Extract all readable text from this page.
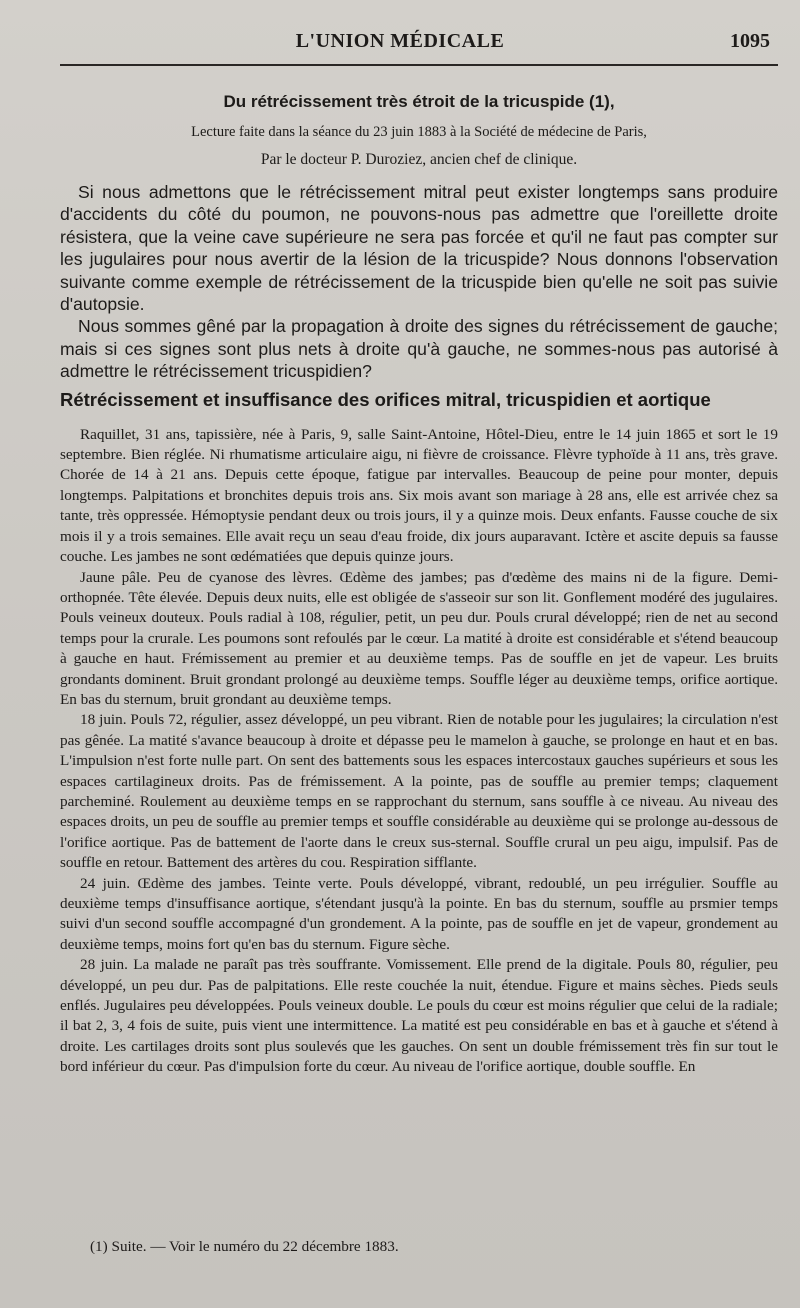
L'UNION MÉDICALE	1095
Du rétrécissement très étroit de la tricuspide (1),
Lecture faite dans la séance du 23 juin 1883 à la Société de médecine de Paris,
Par le docteur P. Duroziez, ancien chef de clinique.

Si nous admettons que le rétrécissement mitral peut exister longtemps sans produire d'accidents du côté du poumon, ne pouvons-nous pas admettre que l'oreillette droite résistera, que la veine cave supérieure ne sera pas forcée et qu'il ne faut pas compter sur les jugulaires pour nous avertir de la lésion de la tricuspide? Nous donnons l'observation suivante comme exemple de rétrécissement de la tricuspide bien qu'elle ne soit pas suivie d'autopsie.

Nous sommes gêné par la propagation à droite des signes du rétrécissement de gauche; mais si ces signes sont plus nets à droite qu'à gauche, ne sommes-nous pas autorisé à admettre le rétrécissement tricuspidien?

Rétrécissement et insuffisance des orifices mitral, tricuspidien et aortique

Raquillet, 31 ans, tapissière, née à Paris, 9, salle Saint-Antoine, Hôtel-Dieu, entre le 14 juin 1865 et sort le 19 septembre. Bien réglée. Ni rhumatisme articulaire aigu, ni fièvre de croissance. Flèvre typhoïde à 11 ans, très grave. Chorée de 14 à 21 ans. Depuis cette époque, fatigue par intervalles. Beaucoup de peine pour monter, depuis longtemps. Palpitations et bronchites depuis trois ans. Six mois avant son mariage à 28 ans, elle est arrivée chez sa tante, très oppressée. Hémoptysie pendant deux ou trois jours, il y a quinze mois. Deux enfants. Fausse couche de six mois il y a trois semaines. Elle avait reçu un seau d'eau froide, dix jours auparavant. Ictère et ascite depuis sa fausse couche. Les jambes ne sont œdématiées que depuis quinze jours.

Jaune pâle. Peu de cyanose des lèvres. Œdème des jambes; pas d'œdème des mains ni de la figure. Demi-orthopnée. Tête élevée. Depuis deux nuits, elle est obligée de s'asseoir sur son lit. Gonflement modéré des jugulaires. Pouls veineux douteux. Pouls radial à 108, régulier, petit, un peu dur. Pouls crural développé; rien de net au second temps pour la crurale. Les poumons sont refoulés par le cœur. La matité à droite est considérable et s'étend beaucoup à gauche en haut. Frémissement au premier et au deuxième temps. Pas de souffle en jet de vapeur. Les bruits grondants dominent. Bruit grondant prolongé au deuxième temps. Souffle léger au deuxième temps, orifice aortique. En bas du sternum, bruit grondant au deuxième temps.

18 juin. Pouls 72, régulier, assez développé, un peu vibrant. Rien de notable pour les jugulaires; la circulation n'est pas gênée. La matité s'avance beaucoup à droite et dépasse peu le mamelon à gauche, se prolonge en haut et en bas. L'impulsion n'est forte nulle part. On sent des battements sous les espaces intercostaux gauches supérieurs et sous les espaces cartilagineux droits. Pas de frémissement. A la pointe, pas de souffle au premier temps; claquement parcheminé. Roulement au deuxième temps en se rapprochant du sternum, sans souffle à ce niveau. Au niveau des espaces droits, un peu de souffle au premier temps et souffle considérable au deuxième qui se prolonge au-dessous de l'orifice aortique. Pas de battement de l'aorte dans le creux sus-sternal. Souffle crural un peu aigu, impulsif. Pas de souffle en retour. Battement des artères du cou. Respiration sifflante.

24 juin. Œdème des jambes. Teinte verte. Pouls développé, vibrant, redoublé, un peu irrégulier. Souffle au deuxième temps d'insuffisance aortique, s'étendant jusqu'à la pointe. En bas du sternum, souffle au prsmier temps suivi d'un second souffle accompagné d'un grondement. A la pointe, pas de souffle en jet de vapeur, grondement au deuxième temps, moins fort qu'en bas du sternum. Figure sèche.

28 juin. La malade ne paraît pas très souffrante. Vomissement. Elle prend de la digitale. Pouls 80, régulier, peu développé, un peu dur. Pas de palpitations. Elle reste couchée la nuit, étendue. Figure et mains sèches. Pieds seuls enflés. Jugulaires peu développées. Pouls veineux double. Le pouls du cœur est moins régulier que celui de la radiale; il bat 2, 3, 4 fois de suite, puis vient une intermittence. La matité est peu considérable en bas et à gauche et s'étend à droite. Les cartilages droits sont plus soulevés que les gauches. On sent un double frémissement très fin sur tout le bord inférieur du cœur. Pas d'impulsion forte du cœur. Au niveau de l'orifice aortique, double souffle. En

(1) Suite. — Voir le numéro du 22 décembre 1883.
